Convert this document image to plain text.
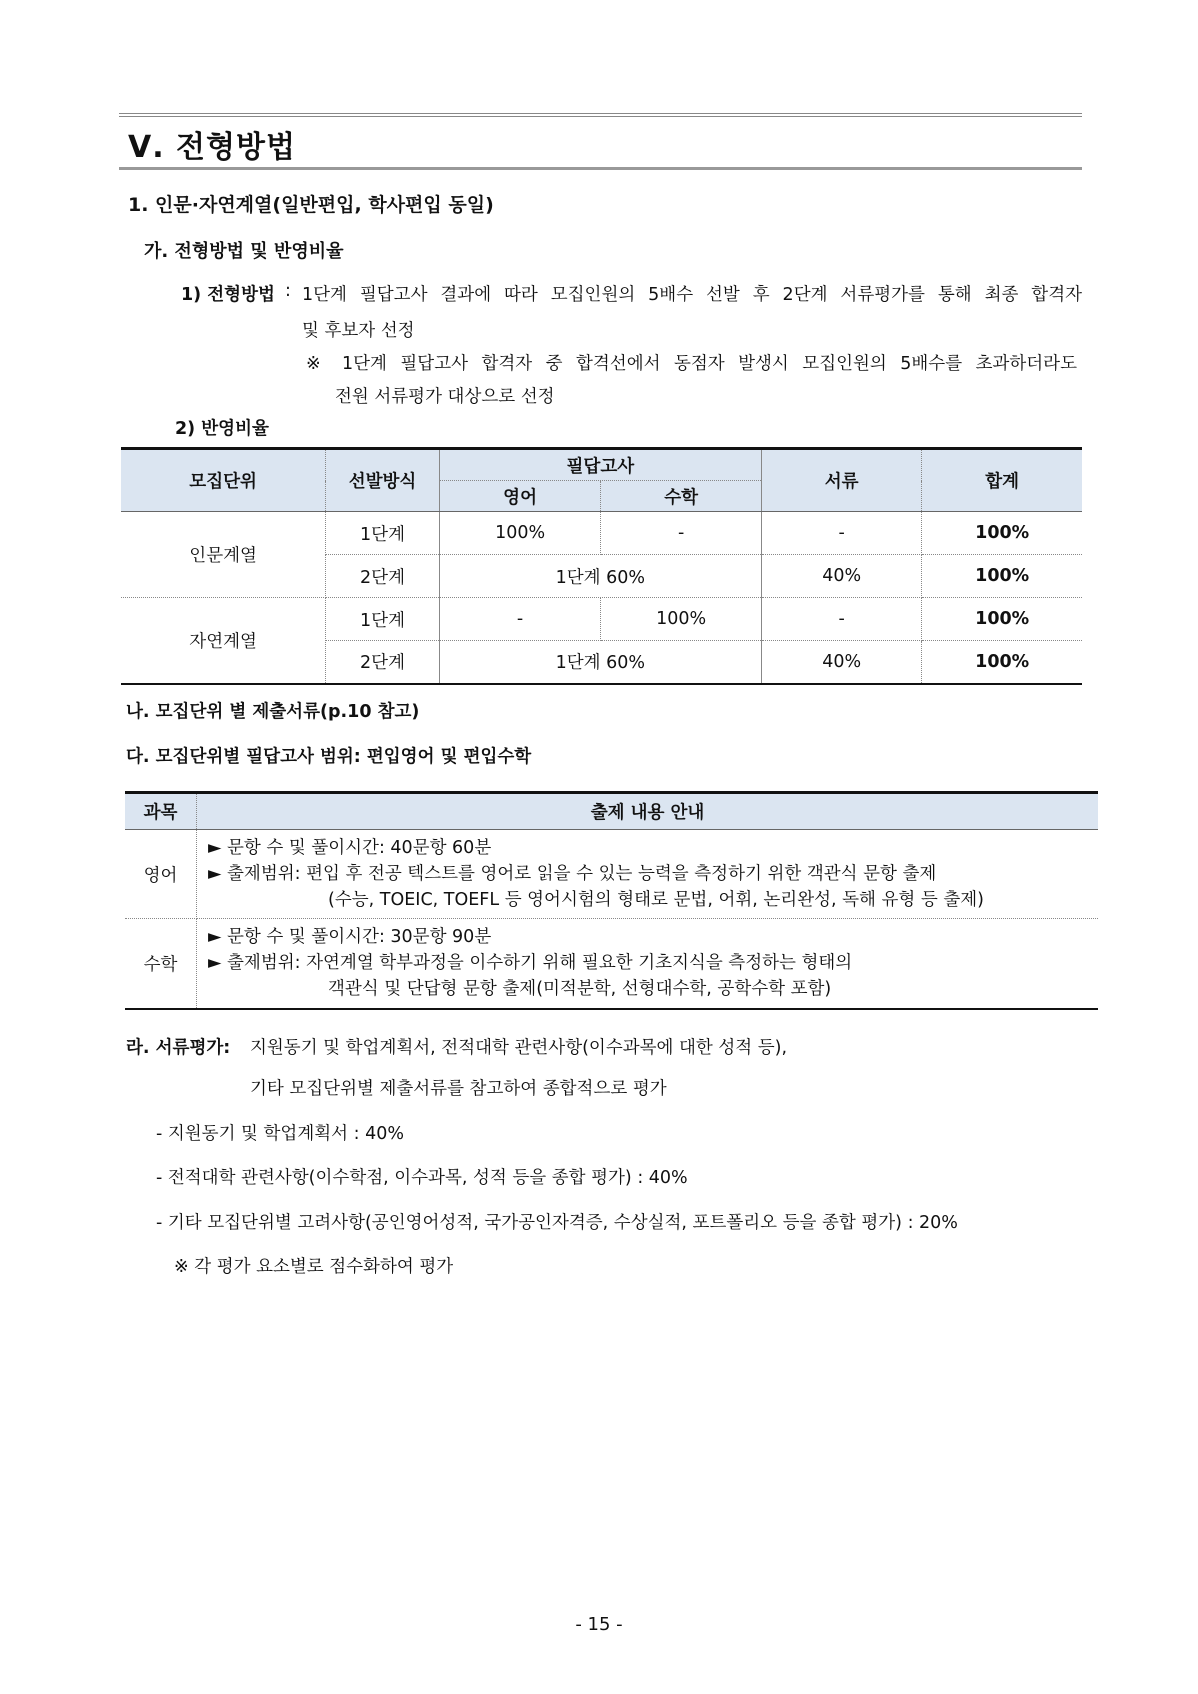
Ⅴ. 전형방법
1. 인문·자연계열(일반편입, 학사편입 동일)
가. 전형방법 및 반영비율
1) 전형방법 : 1단계 필답고사 결과에 따라 모집인원의 5배수 선발 후 2단계 서류평가를 통해 최종 합격자
및 후보자 선정
※ 1단계 필답고사 합격자 중 합격선에서 동점자 발생시 모집인원의 5배수를 초과하더라도
전원 서류평가 대상으로 선정
2) 반영비율
모집단위	선발방식	필답고사		서류	합계
		영어	수학		
인문계열	1단계	100%	-	-	100%
	2단계	1단계 60%		40%	100%
자연계열	1단계	-	100%	-	100%
	2단계	1단계 60%		40%	100%
나. 모집단위 별 제출서류(p.10 참고)
다. 모집단위별 필답고사 범위: 편입영어 및 편입수학
과목	출제 내용 안내
영어	► 문항 수 및 풀이시간: 40문항 60분
► 출제범위: 편입 후 전공 텍스트를 영어로 읽을 수 있는 능력을 측정하기 위한 객관식 문항 출제
(수능, TOEIC, TOEFL 등 영어시험의 형태로 문법, 어휘, 논리완성, 독해 유형 등 출제)

수학	► 문항 수 및 풀이시간: 30문항 90분
► 출제범위: 자연계열 학부과정을 이수하기 위해 필요한 기초지식을 측정하는 형태의
객관식 및 단답형 문항 출제(미적분학, 선형대수학, 공학수학 포함)
라. 서류평가: 지원동기 및 학업계획서, 전적대학 관련사항(이수과목에 대한 성적 등),
기타 모집단위별 제출서류를 참고하여 종합적으로 평가
- 지원동기 및 학업계획서 : 40%
- 전적대학 관련사항(이수학점, 이수과목, 성적 등을 종합 평가) : 40%
- 기타 모집단위별 고려사항(공인영어성적, 국가공인자격증, 수상실적, 포트폴리오 등을 종합 평가) : 20%
※ 각 평가 요소별로 점수화하여 평가
- 15 -
